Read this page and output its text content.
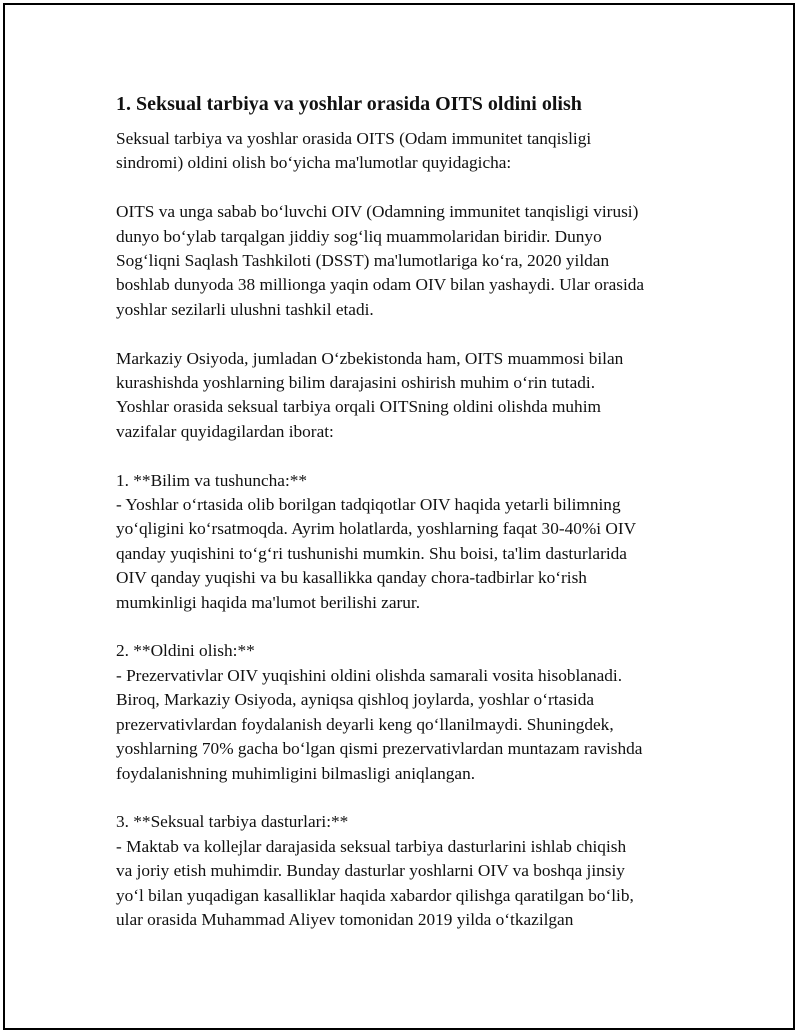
1. Seksual tarbiya va yoshlar orasida OITS oldini olish

Seksual tarbiya va yoshlar orasida OITS (Odam immunitet tanqisligi
sindromi) oldini olish boʻyicha ma'lumotlar quyidagicha:

OITS va unga sabab boʻluvchi OIV (Odamning immunitet tanqisligi virusi)
dunyo boʻylab tarqalgan jiddiy sogʻliq muammolaridan biridir. Dunyo
Sogʻliqni Saqlash Tashkiloti (DSST) ma'lumotlariga koʻra, 2020 yildan
boshlab dunyoda 38 millionga yaqin odam OIV bilan yashaydi. Ular orasida
yoshlar sezilarli ulushni tashkil etadi.

Markaziy Osiyoda, jumladan Oʻzbekistonda ham, OITS muammosi bilan
kurashishda yoshlarning bilim darajasini oshirish muhim oʻrin tutadi.
Yoshlar orasida seksual tarbiya orqali OITSning oldini olishda muhim
vazifalar quyidagilardan iborat:

1. **Bilim va tushuncha:**
- Yoshlar oʻrtasida olib borilgan tadqiqotlar OIV haqida yetarli bilimning
yoʻqligini koʻrsatmoqda. Ayrim holatlarda, yoshlarning faqat 30-40%i OIV
qanday yuqishini toʻgʻri tushunishi mumkin. Shu boisi, ta'lim dasturlarida
OIV qanday yuqishi va bu kasallikka qanday chora-tadbirlar koʻrish
mumkinligi haqida ma'lumot berilishi zarur.

2. **Oldini olish:**
- Prezervativlar OIV yuqishini oldini olishda samarali vosita hisoblanadi.
Biroq, Markaziy Osiyoda, ayniqsa qishloq joylarda, yoshlar oʻrtasida
prezervativlardan foydalanish deyarli keng qoʻllanilmaydi. Shuningdek,
yoshlarning 70% gacha boʻlgan qismi prezervativlardan muntazam ravishda
foydalanishning muhimligini bilmasligi aniqlangan.

3. **Seksual tarbiya dasturlari:**
- Maktab va kollejlar darajasida seksual tarbiya dasturlarini ishlab chiqish
va joriy etish muhimdir. Bunday dasturlar yoshlarni OIV va boshqa jinsiy
yoʻl bilan yuqadigan kasalliklar haqida xabardor qilishga qaratilgan boʻlib,
ular orasida Muhammad Aliyev tomonidan 2019 yilda oʻtkazilgan
